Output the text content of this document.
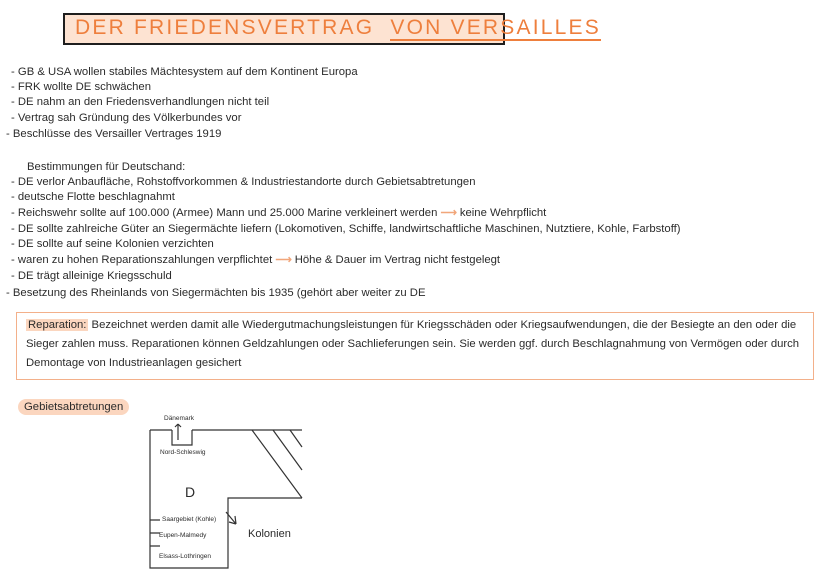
DER FRIEDENSVERTRAG VON VERSAILLES
- GB & USA wollen stabiles Mächtesystem auf dem Kontinent Europa
- FRK wollte DE schwächen
- DE nahm an den Friedensverhandlungen nicht teil
- Vertrag sah Gründung des Völkerbundes vor
- Beschlüsse des Versailler Vertrages 1919
Bestimmungen für Deutschand:
- DE verlor Anbaufläche, Rohstoffvorkommen & Industriestandorte durch Gebietsabtretungen
- deutsche Flotte beschlagnahmt
- Reichswehr sollte auf 100.000 (Armee) Mann und 25.000 Marine verkleinert werden ⟶ keine Wehrpflicht
- DE sollte zahlreiche Güter an Siegermächte liefern (Lokomotiven, Schiffe, landwirtschaftliche Maschinen, Nutztiere, Kohle, Farbstoff)
- DE sollte auf seine Kolonien verzichten
- waren zu hohen Reparationszahlungen verpflichtet ⟶ Höhe & Dauer im Vertrag nicht festgelegt
- DE trägt alleinige Kriegsschuld
- Besetzung des Rheinlands von Siegermächten bis 1935 (gehört aber weiter zu DE
Reparation: Bezeichnet werden damit alle Wiedergutmachungsleistungen für Kriegsschäden oder Kriegsaufwendungen, die der Besiegte an den oder die Sieger zahlen muss. Reparationen können Geldzahlungen oder Sachlieferungen sein. Sie werden ggf. durch Beschlagnahmung von Vermögen oder durch Demontage von Industrieanlagen gesichert
Gebietsabtretungen
Dänemark
Nord-Schleswig
D
Saargebiet (Kohle)
Eupen-Malmedy
Elsass-Lothringen
Kolonien
